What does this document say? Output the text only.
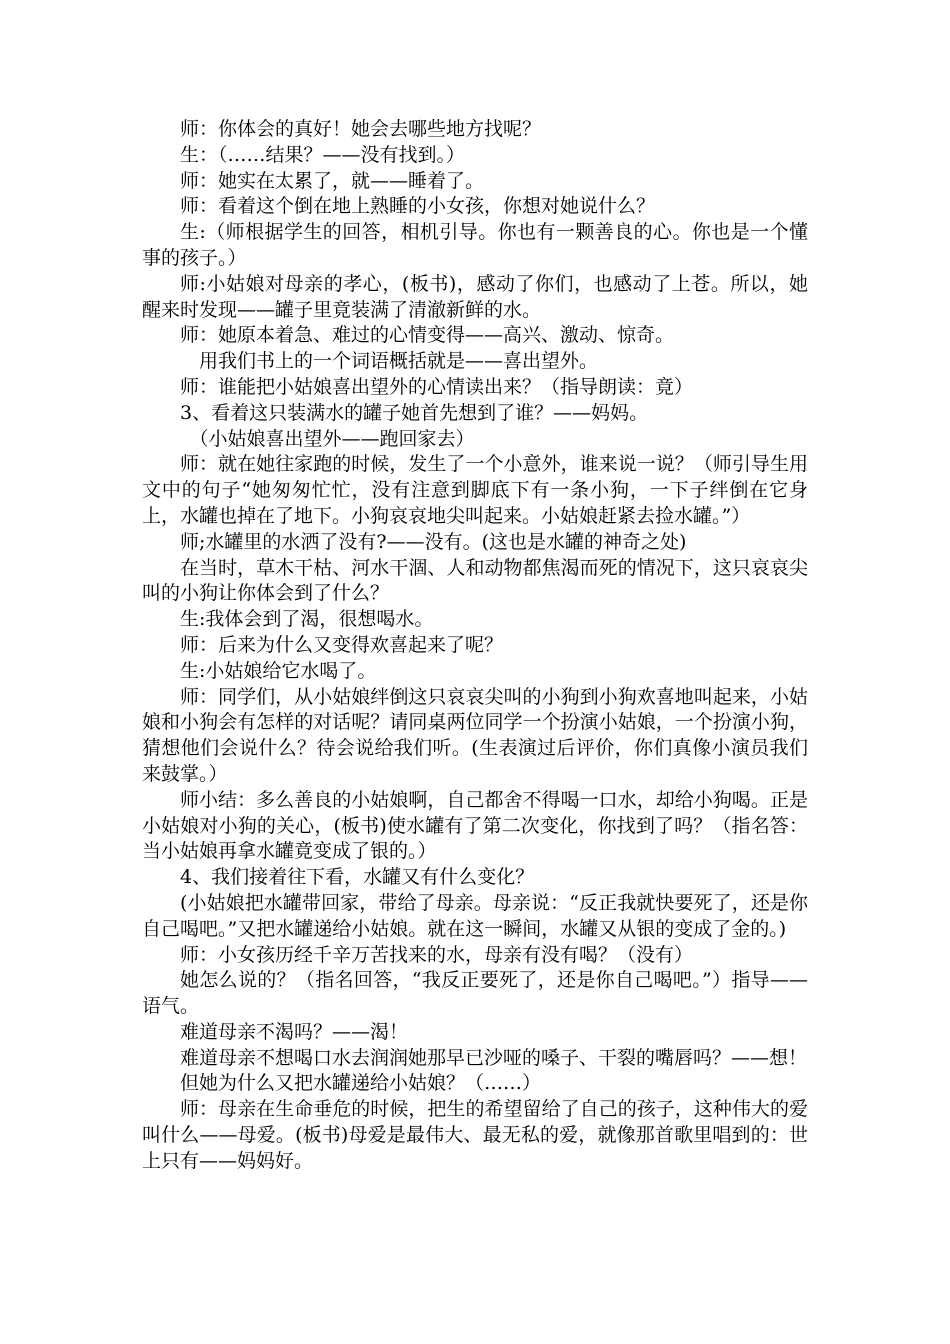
师：你体会的真好！她会去哪些地方找呢？

生：（……结果？——没有找到。）

师：她实在太累了，就——睡着了。

师：看着这个倒在地上熟睡的小女孩，你想对她说什么？

生:（师根据学生的回答，相机引导。你也有一颗善良的心。你也是一个懂事的孩子。）

师:小姑娘对母亲的孝心，(板书)，感动了你们，也感动了上苍。所以，她醒来时发现——罐子里竟装满了清澈新鲜的水。

师：她原本着急、难过的心情变得——高兴、激动、惊奇。

用我们书上的一个词语概括就是——喜出望外。

师：谁能把小姑娘喜出望外的心情读出来？（指导朗读：竟）

3、看着这只装满水的罐子她首先想到了谁？——妈妈。

（小姑娘喜出望外——跑回家去）

师：就在她往家跑的时候，发生了一个小意外，谁来说一说？（师引导生用文中的句子“她匆匆忙忙，没有注意到脚底下有一条小狗，一下子绊倒在它身上，水罐也掉在了地下。小狗哀哀地尖叫起来。小姑娘赶紧去捡水罐。”）

师;水罐里的水洒了没有?——没有。(这也是水罐的神奇之处)

在当时，草木干枯、河水干涸、人和动物都焦渴而死的情况下，这只哀哀尖叫的小狗让你体会到了什么？

生:我体会到了渴，很想喝水。

师：后来为什么又变得欢喜起来了呢？

生:小姑娘给它水喝了。

师：同学们，从小姑娘绊倒这只哀哀尖叫的小狗到小狗欢喜地叫起来，小姑娘和小狗会有怎样的对话呢？请同桌两位同学一个扮演小姑娘，一个扮演小狗，猜想他们会说什么？待会说给我们听。(生表演过后评价，你们真像小演员我们来鼓掌。）

师小结：多么善良的小姑娘啊，自己都舍不得喝一口水，却给小狗喝。正是小姑娘对小狗的关心，(板书)使水罐有了第二次变化，你找到了吗？（指名答：当小姑娘再拿水罐竟变成了银的。）

4、我们接着往下看，水罐又有什么变化？

(小姑娘把水罐带回家，带给了母亲。母亲说：“反正我就快要死了，还是你自己喝吧。”又把水罐递给小姑娘。就在这一瞬间，水罐又从银的变成了金的。)

师：小女孩历经千辛万苦找来的水，母亲有没有喝？（没有）

她怎么说的？（指名回答，“我反正要死了，还是你自己喝吧。”）指导——语气。

难道母亲不渴吗？——渴！

难道母亲不想喝口水去润润她那早已沙哑的嗓子、干裂的嘴唇吗？——想！

但她为什么又把水罐递给小姑娘？（……）

师：母亲在生命垂危的时候，把生的希望留给了自己的孩子，这种伟大的爱叫什么——母爱。(板书)母爱是最伟大、最无私的爱，就像那首歌里唱到的：世上只有——妈妈好。
